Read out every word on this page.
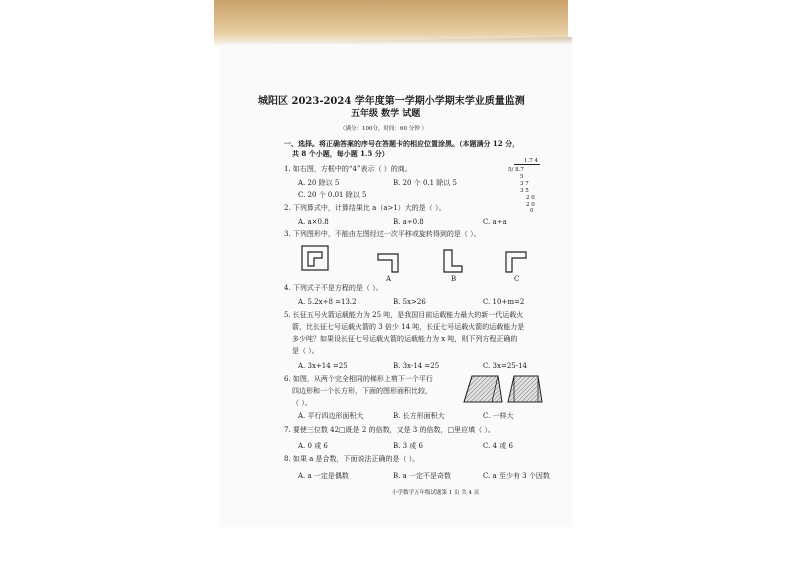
城阳区 2023-2024 学年度第一学期小学期末学业质量监测
五年级 数学 试题
（满分：100分，时间：60 分钟 ）
一、选择。将正确答案的序号在答题卡的相应位置涂黑。（本题满分 12 分，
共 8 个小题，每小题 1.5 分）
1.7 4
5/ 8.7
5
3 7
3 5
2 0
2 0
0
1. 如右图，方框中的“4”表示（ ）的商。
A. 20 除以 5	B. 20 个 0.1 除以 5
C. 20 个 0.01 除以 5
2. 下列算式中，计算结果比 a（a>1）大的是（ ）。
A. a×0.8	B. a÷0.8	C. a÷a
3. 下列图形中，不能由左图经过一次平移或旋转得到的是（ ）。
A	B	C
4. 下列式子不是方程的是（ ）。
A. 5.2x÷8 =13.2	B. 5x>26	C. 10+m=2
5. 长征五号火箭运载能力为 25 吨，是我国目前运载能力最大的新一代运载火
箭，比长征七号运载火箭的 3 倍少 14 吨，长征七号运载火箭的运载能力是
多少吨？如果设长征七号运载火箭的运载能力为 x 吨，则下列方程正确的
是（ ）。
A. 3x+14 =25	B. 3x-14 =25	C. 3x=25-14
6. 如图，从两个完全相同的梯形上剪下一个平行
四边形和一个长方形，下面的图形面积比较，
（ ）。
A. 平行四边形面积大	B. 长方形面积大	C. 一样大
7. 要使三位数 42□既是 2 的倍数，又是 3 的倍数，□里应填（ ）。
A. 0 或 6	B. 3 或 6	C. 4 或 6
8. 如果 a 是合数，下面说法正确的是（ ）。
A. a 一定是偶数	B. a 一定不是奇数	C. a 至少有 3 个因数
小学数学五年级试题第 1 页 共 4 页
